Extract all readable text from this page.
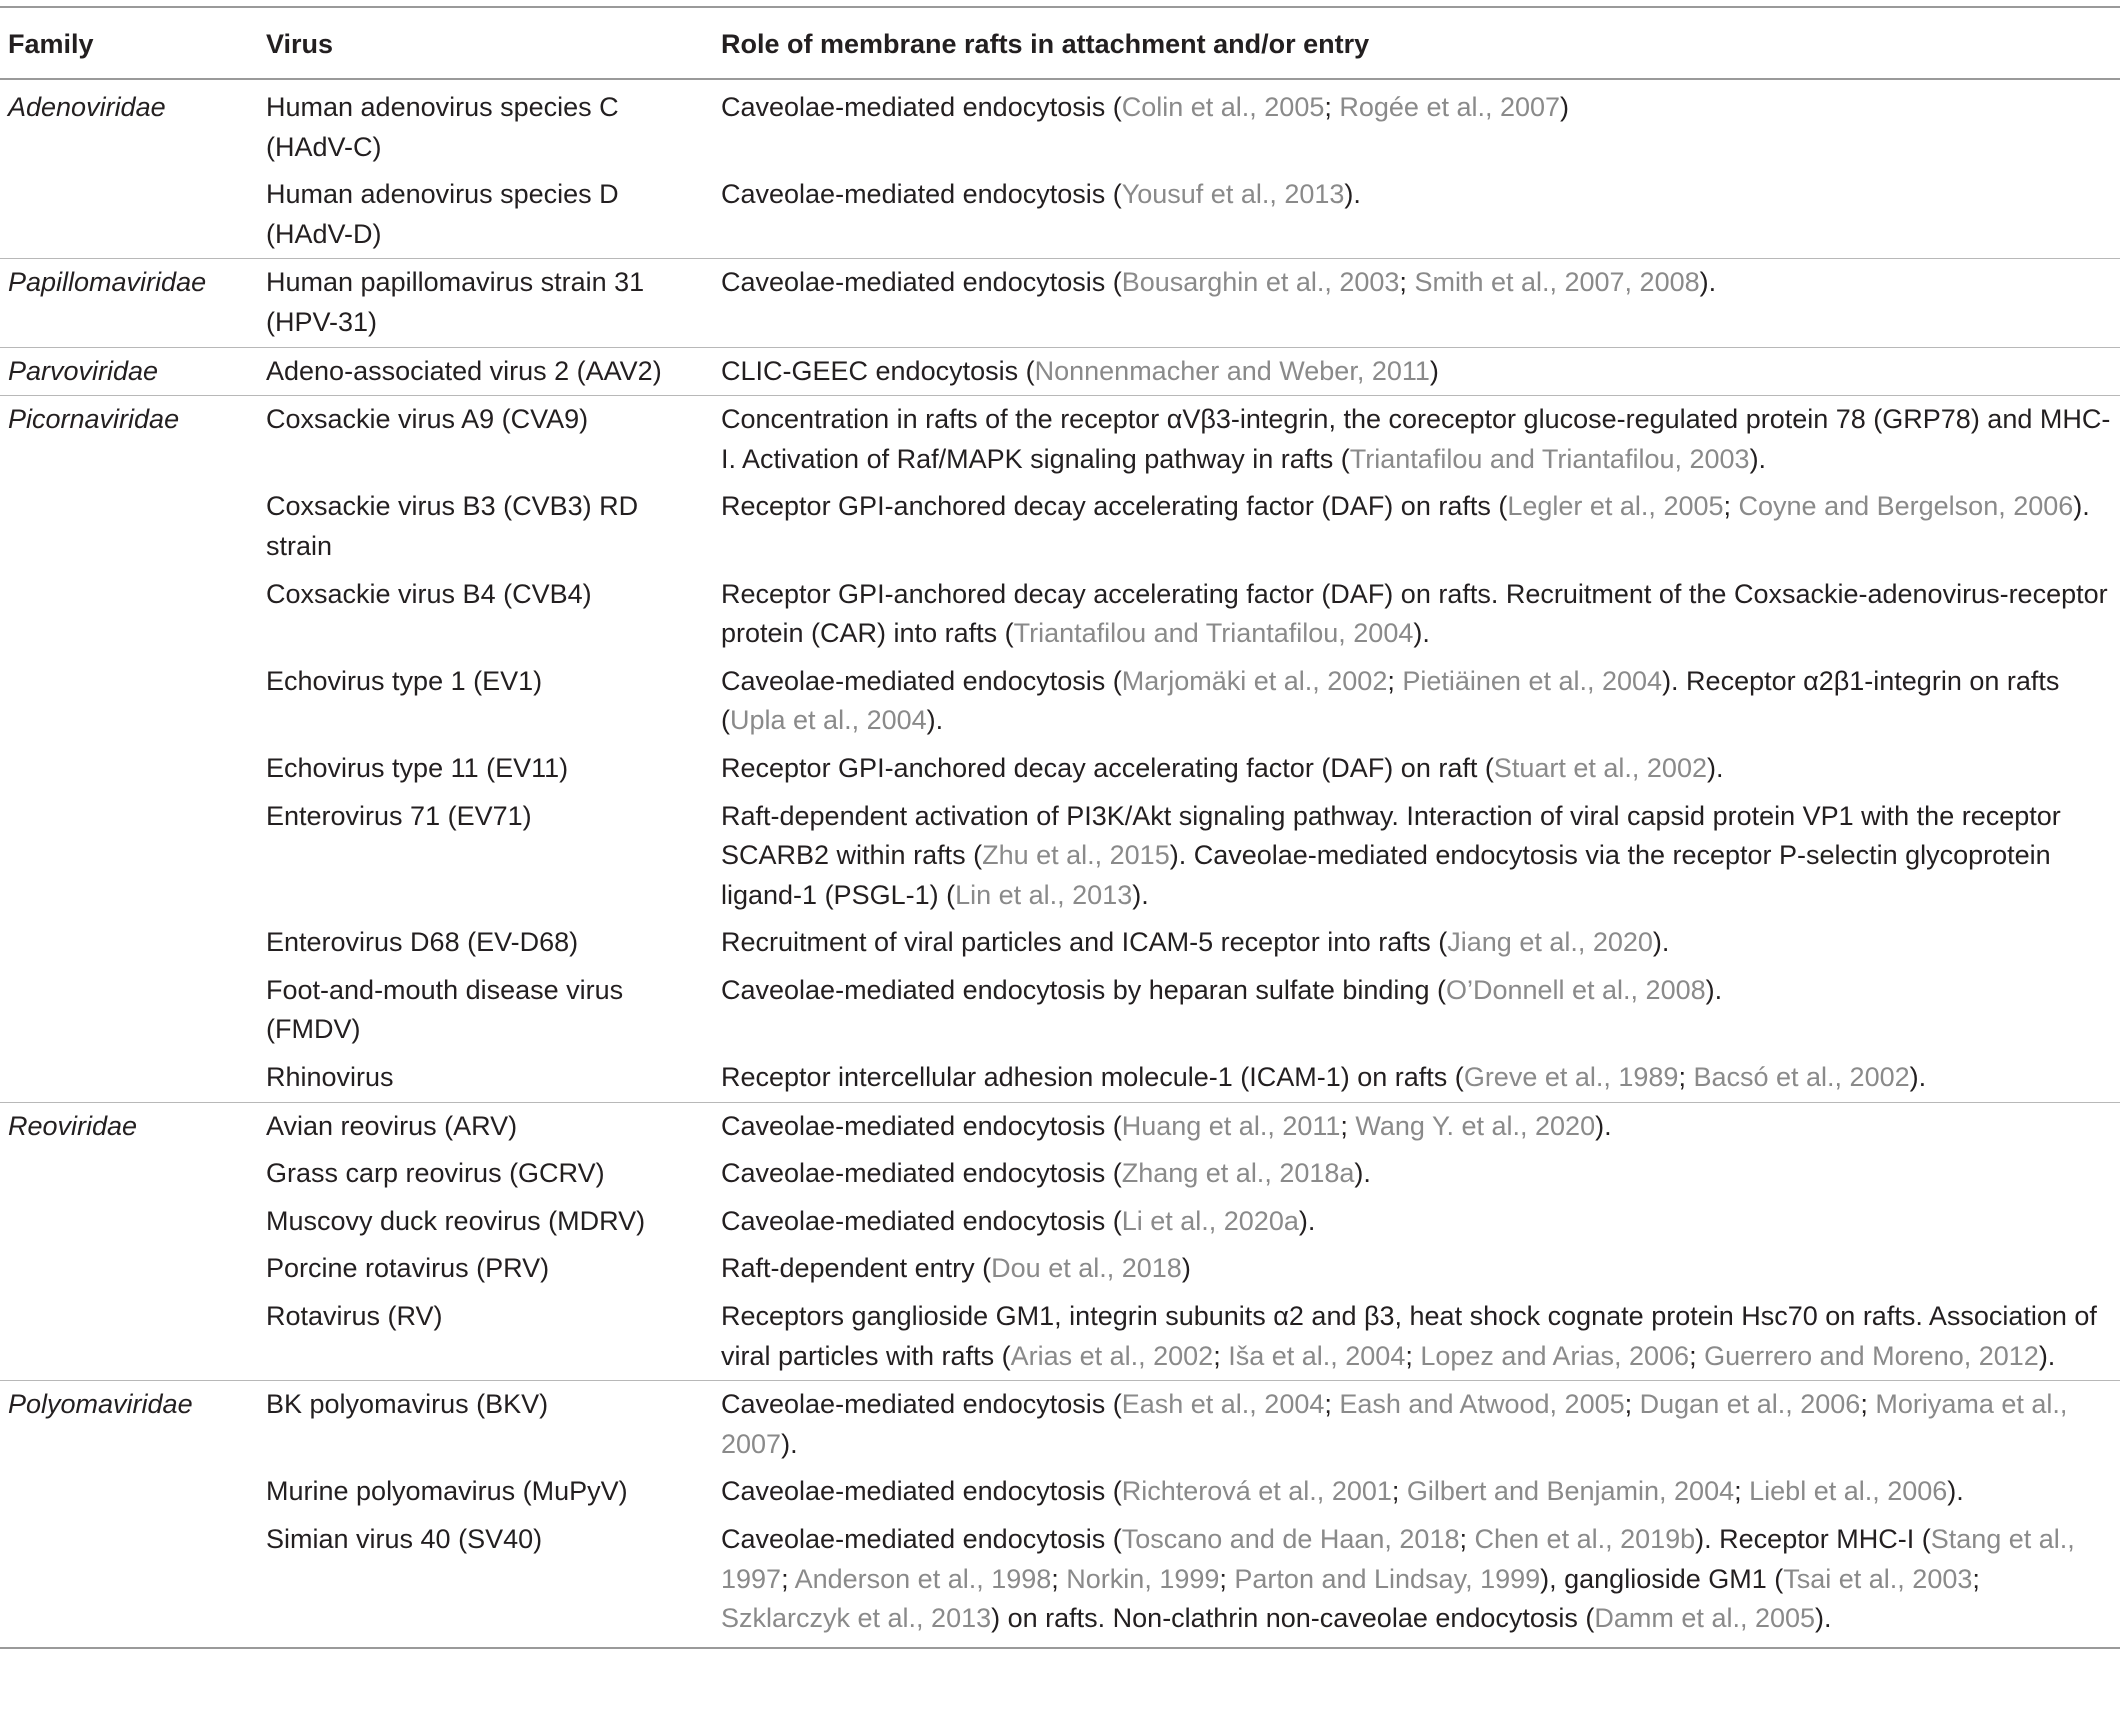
Family	Virus	Role of membrane rafts in attachment and/or entry
Adenoviridae	Human adenovirus species C (HAdV-C)	Caveolae-mediated endocytosis (Colin et al., 2005; Rogée et al., 2007)
	Human adenovirus species D (HAdV-D)	Caveolae-mediated endocytosis (Yousuf et al., 2013).
Papillomaviridae	Human papillomavirus strain 31 (HPV-31)	Caveolae-mediated endocytosis (Bousarghin et al., 2003; Smith et al., 2007, 2008).
Parvoviridae	Adeno-associated virus 2 (AAV2)	CLIC-GEEC endocytosis (Nonnenmacher and Weber, 2011)
Picornaviridae	Coxsackie virus A9 (CVA9)	Concentration in rafts of the receptor αVβ3-integrin, the coreceptor glucose-regulated protein 78 (GRP78) and MHC-I. Activation of Raf/MAPK signaling pathway in rafts (Triantafilou and Triantafilou, 2003).
	Coxsackie virus B3 (CVB3) RD strain	Receptor GPI-anchored decay accelerating factor (DAF) on rafts (Legler et al., 2005; Coyne and Bergelson, 2006).
	Coxsackie virus B4 (CVB4)	Receptor GPI-anchored decay accelerating factor (DAF) on rafts. Recruitment of the Coxsackie-adenovirus-receptor protein (CAR) into rafts (Triantafilou and Triantafilou, 2004).
	Echovirus type 1 (EV1)	Caveolae-mediated endocytosis (Marjomäki et al., 2002; Pietiäinen et al., 2004). Receptor α2β1-integrin on rafts (Upla et al., 2004).
	Echovirus type 11 (EV11)	Receptor GPI-anchored decay accelerating factor (DAF) on raft (Stuart et al., 2002).
	Enterovirus 71 (EV71)	Raft-dependent activation of PI3K/Akt signaling pathway. Interaction of viral capsid protein VP1 with the receptor SCARB2 within rafts (Zhu et al., 2015). Caveolae-mediated endocytosis via the receptor P-selectin glycoprotein ligand-1 (PSGL-1) (Lin et al., 2013).
	Enterovirus D68 (EV-D68)	Recruitment of viral particles and ICAM-5 receptor into rafts (Jiang et al., 2020).
	Foot-and-mouth disease virus (FMDV)	Caveolae-mediated endocytosis by heparan sulfate binding (O’Donnell et al., 2008).
	Rhinovirus	Receptor intercellular adhesion molecule-1 (ICAM-1) on rafts (Greve et al., 1989; Bacsó et al., 2002).
Reoviridae	Avian reovirus (ARV)	Caveolae-mediated endocytosis (Huang et al., 2011; Wang Y. et al., 2020).
	Grass carp reovirus (GCRV)	Caveolae-mediated endocytosis (Zhang et al., 2018a).
	Muscovy duck reovirus (MDRV)	Caveolae-mediated endocytosis (Li et al., 2020a).
	Porcine rotavirus (PRV)	Raft-dependent entry (Dou et al., 2018)
	Rotavirus (RV)	Receptors ganglioside GM1, integrin subunits α2 and β3, heat shock cognate protein Hsc70 on rafts. Association of viral particles with rafts (Arias et al., 2002; Iša et al., 2004; Lopez and Arias, 2006; Guerrero and Moreno, 2012).
Polyomaviridae	BK polyomavirus (BKV)	Caveolae-mediated endocytosis (Eash et al., 2004; Eash and Atwood, 2005; Dugan et al., 2006; Moriyama et al., 2007).
	Murine polyomavirus (MuPyV)	Caveolae-mediated endocytosis (Richterová et al., 2001; Gilbert and Benjamin, 2004; Liebl et al., 2006).
	Simian virus 40 (SV40)	Caveolae-mediated endocytosis (Toscano and de Haan, 2018; Chen et al., 2019b). Receptor MHC-I (Stang et al., 1997; Anderson et al., 1998; Norkin, 1999; Parton and Lindsay, 1999), ganglioside GM1 (Tsai et al., 2003; Szklarczyk et al., 2013) on rafts. Non-clathrin non-caveolae endocytosis (Damm et al., 2005).
